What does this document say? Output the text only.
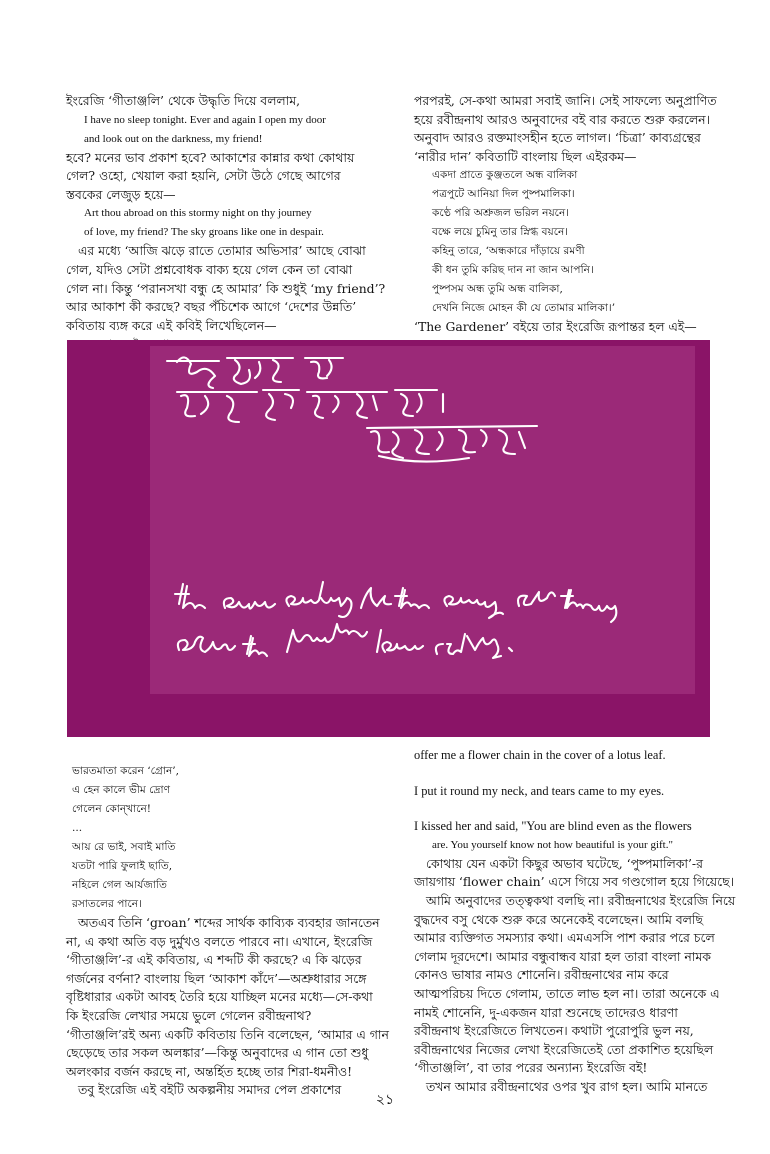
ইংরেজি ‘গীতাঞ্জলি’ থেকে উদ্ধৃতি দিয়ে বললাম,

I have no sleep tonight. Ever and again I open my door

and look out on the darkness, my friend!

হবে? মনের ভাব প্রকাশ হবে? আকাশের কান্নার কথা কোথায়

গেল? ওহো, খেয়াল করা হয়নি, সেটা উঠে গেছে আগের

স্তবকের লেজুড় হয়ে—

Art thou abroad on this stormy night on thy journey

of love, my friend? The sky groans like one in despair.

এর মধ্যে ‘আজি ঝড়ে রাতে তোমার অভিসার’ আছে বোঝা

গেল, যদিও সেটা প্রশ্নবোধক বাক্য হয়ে গেল কেন তা বোঝা

গেল না। কিন্তু ‘পরানসখা বন্ধু হে আমার’ কি শুধুই ‘my friend’?

আর আকাশ কী করছে? বছর পঁচিশেক আগে ‘দেশের উন্নতি’

কবিতায় ব্যঙ্গ করে এই কবিই লিখেছিলেন—

পরপরই, সে-কথা আমরা সবাই জানি। সেই সাফল্যে অনুপ্রাণিত

হয়ে রবীন্দ্রনাথ আরও অনুবাদের বই বার করতে শুরু করলেন।

অনুবাদ আরও রক্তমাংসহীন হতে লাগল। ‘চিত্রা’ কাব্যগ্রন্থের

‘নারীর দান’ কবিতাটি বাংলায় ছিল এইরকম—

একদা প্রাতে কুঞ্জতলে অন্ধ বালিকা

পত্রপুটে আনিয়া দিল পুষ্পমালিকা।

কণ্ঠে পরি অশ্রুজল ভরিল নয়নে।

বক্ষে লয়ে চুমিনু তার স্নিগ্ধ বয়নে।

কহিনু তারে, ‘অন্ধকারে দাঁড়ায়ে রমণী

কী ধন তুমি করিছ দান না জান আপনি।

পুষ্পসম অন্ধ তুমি অন্ধ বালিকা,

দেখনি নিজে মোহন কী যে তোমার মালিকা।’

‘The Gardener’ বইয়ে তার ইংরেজি রূপান্তর হল এই—

ভারতমাতা করেন ‘গ্রোন’,

এ হেন কালে ভীম দ্রোণ

গেলেন কোন্‌খানে!

...

আয় রে ভাই, সবাই মাতি

যতটা পারি ফুলাই ছাতি,

নহিলে গেল আর্যজাতি

রসাতলের পানে।

অতএব তিনি ‘groan’ শব্দের সার্থক কাব্যিক ব্যবহার জানতেন

না, এ কথা অতি বড় দুর্মুখও বলতে পারবে না। এখানে, ইংরেজি

‘গীতাঞ্জলি’-র এই কবিতায়, এ শব্দটি কী করছে? এ কি ঝড়ের

গর্জনের বর্ণনা? বাংলায় ছিল ‘আকাশ কাঁদে’—অশ্রুধারার সঙ্গে

বৃষ্টিধারার একটা আবহ তৈরি হয়ে যাচ্ছিল মনের মধ্যে—সে-কথা

কি ইংরেজি লেখার সময়ে ভুলে গেলেন রবীন্দ্রনাথ?

‘গীতাঞ্জলি’রই অন্য একটি কবিতায় তিনি বলেছেন, ‘আমার এ গান

ছেড়েছে তার সকল অলঙ্কার’—কিন্তু অনুবাদের এ গান তো শুধু

অলংকার বর্জন করছে না, অন্তর্হিত হচ্ছে তার শিরা-ধমনীও!

তবু ইংরেজি এই বইটি অকল্পনীয় সমাদর পেল প্রকাশের

offer me a flower chain in the cover of a lotus leaf.

I put it round my neck, and tears came to my eyes.

I kissed her and said, "You are blind even as the flowers

are. You yourself know not how beautiful is your gift."

কোথায় যেন একটা কিছুর অভাব ঘটেছে, ‘পুষ্পমালিকা’-র

জায়গায় ‘flower chain’ এসে গিয়ে সব গণ্ডগোল হয়ে গিয়েছে।

আমি অনুবাদের তত্ত্বকথা বলছি না। রবীন্দ্রনাথের ইংরেজি নিয়ে

বুদ্ধদেব বসু থেকে শুরু করে অনেকেই বলেছেন। আমি বলছি

আমার ব্যক্তিগত সমস্যার কথা। এমএসসি পাশ করার পরে চলে

গেলাম দূরদেশে। আমার বন্ধুবান্ধব যারা হল তারা বাংলা নামক

কোনও ভাষার নামও শোনেনি। রবীন্দ্রনাথের নাম করে

আত্মপরিচয় দিতে গেলাম, তাতে লাভ হল না। তারা অনেকে এ

নামই শোনেনি, দু-একজন যারা শুনেছে তাদেরও ধারণা

রবীন্দ্রনাথ ইংরেজিতে লিখতেন। কথাটা পুরোপুরি ভুল নয়,

রবীন্দ্রনাথের নিজের লেখা ইংরেজিতেই তো প্রকাশিত হয়েছিল

‘গীতাঞ্জলি’, বা তার পরের অন্যান্য ইংরেজি বই!

তখন আমার রবীন্দ্রনাথের ওপর খুব রাগ হল। আমি মানতে

২১
